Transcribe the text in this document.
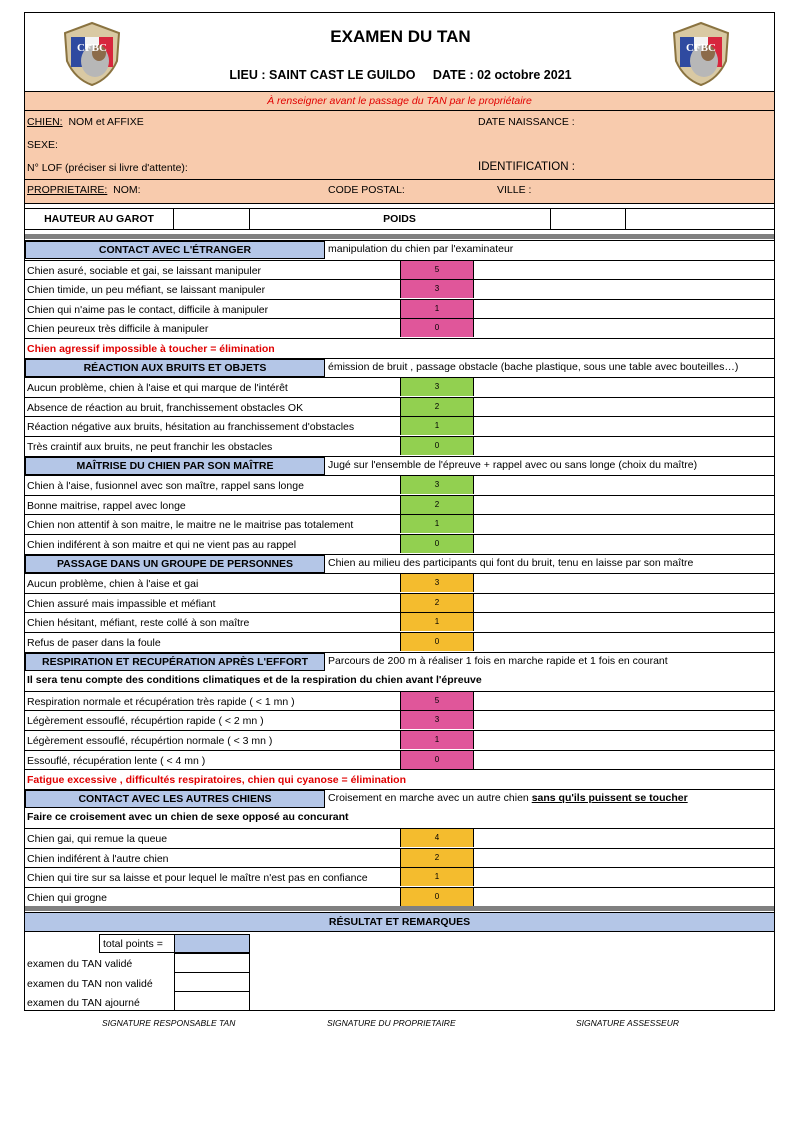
CFBC	CFBC
EXAMEN DU TAN
LIEU : SAINT CAST LE GUILDO DATE : 02 octobre 2021
À renseigner avant le passage du TAN par le propriétaire
CHIEN: NOM et AFFIXE	DATE NAISSANCE :
SEXE:
N° LOF (préciser si livre d'attente):	IDENTIFICATION :
PROPRIETAIRE: NOM:	CODE POSTAL:	VILLE :
HAUTEUR AU GAROT	POIDS
CONTACT AVEC L'ÉTRANGER	manipulation du chien par l'examinateur
Chien asuré, sociable et gai, se laissant manipuler	5
Chien timide, un peu méfiant, se laissant manipuler	3
Chien qui n'aime pas le contact, difficile à manipuler	1
Chien peureux très difficile à manipuler	0
Chien agressif impossible à toucher = élimination
RÉACTION AUX BRUITS ET OBJETS	émission de bruit , passage obstacle (bache plastique, sous une table avec bouteilles…)
Aucun problème, chien à l'aise et qui marque de l'intérêt	3
Absence de réaction au bruit, franchissement obstacles OK	2
Réaction négative aux bruits, hésitation au franchissement d'obstacles	1
Très craintif aux bruits, ne peut franchir les obstacles	0
MAÎTRISE DU CHIEN PAR SON MAÎTRE	Jugé sur l'ensemble de l'épreuve + rappel avec ou sans longe (choix du maître)
Chien à l'aise, fusionnel avec son maître, rappel sans longe	3
Bonne maitrise, rappel avec longe	2
Chien non attentif à son maitre, le maitre ne le maitrise pas totalement	1
Chien indiférent à son maitre et qui ne vient pas au rappel	0
PASSAGE DANS UN GROUPE DE PERSONNES	Chien au milieu des participants qui font du bruit, tenu en laisse par son maître
Aucun problème, chien à l'aise et gai	3
Chien assuré mais impassible et méfiant	2
Chien hésitant, méfiant, reste collé à son maître	1
Refus de paser dans la foule	0
RESPIRATION ET RECUPÉRATION APRÈS L'EFFORT	Parcours de 200 m à réaliser 1 fois en marche rapide et 1 fois en courant
Il sera tenu compte des conditions climatiques et de la respiration du chien avant l'épreuve
Respiration normale et récupération très rapide ( < 1 mn )	5
Légèrement essouflé, récupértion rapide ( < 2 mn )	3
Légèrement essouflé, récupértion normale ( < 3 mn )	1
Essouflé, récupération lente ( < 4 mn )	0
Fatigue excessive , difficultés respiratoires, chien qui cyanose = élimination
CONTACT AVEC LES AUTRES CHIENS	Croisement en marche avec un autre chien sans qu'ils puissent se toucher
Faire ce croisement avec un chien de sexe opposé au concurant
Chien gai, qui remue la queue	4
Chien indiférent à l'autre chien	2
Chien qui tire sur sa laisse et pour lequel le maître n'est pas en confiance	1
Chien qui grogne	0
RÉSULTAT ET REMARQUES
total points =
examen du TAN validé
examen du TAN non validé
examen du TAN ajourné
SIGNATURE RESPONSABLE TAN	SIGNATURE DU PROPRIETAIRE	SIGNATURE ASSESSEUR
